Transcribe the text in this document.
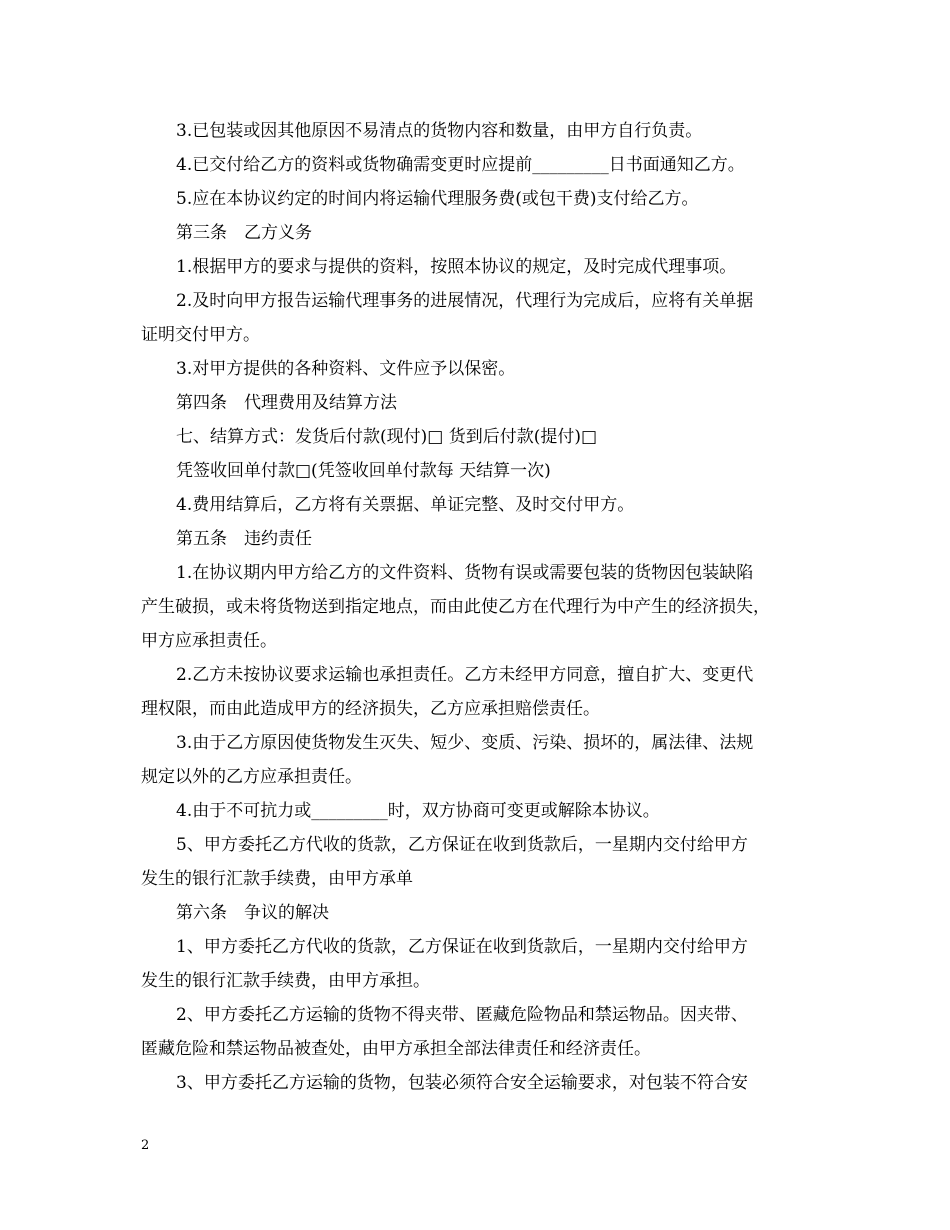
3.已包装或因其他原因不易清点的货物内容和数量，由甲方自行负责。
4.已交付给乙方的资料或货物确需变更时应提前_________日书面通知乙方。
5.应在本协议约定的时间内将运输代理服务费(或包干费)支付给乙方。
第三条　乙方义务
1.根据甲方的要求与提供的资料，按照本协议的规定，及时完成代理事项。
2.及时向甲方报告运输代理事务的进展情况，代理行为完成后，应将有关单据
证明交付甲方。
3.对甲方提供的各种资料、文件应予以保密。
第四条　代理费用及结算方法
七、结算方式：发货后付款(现付)□ 货到后付款(提付)□
凭签收回单付款□(凭签收回单付款每 天结算一次)
4.费用结算后，乙方将有关票据、单证完整、及时交付甲方。
第五条　违约责任
1.在协议期内甲方给乙方的文件资料、货物有误或需要包装的货物因包装缺陷
产生破损，或未将货物送到指定地点，而由此使乙方在代理行为中产生的经济损失，
甲方应承担责任。
2.乙方未按协议要求运输也承担责任。乙方未经甲方同意，擅自扩大、变更代
理权限，而由此造成甲方的经济损失，乙方应承担赔偿责任。
3.由于乙方原因使货物发生灭失、短少、变质、污染、损坏的，属法律、法规
规定以外的乙方应承担责任。
4.由于不可抗力或_________时，双方协商可变更或解除本协议。
5、甲方委托乙方代收的货款，乙方保证在收到货款后，一星期内交付给甲方
发生的银行汇款手续费，由甲方承单
第六条　争议的解决
1、甲方委托乙方代收的货款，乙方保证在收到货款后，一星期内交付给甲方
发生的银行汇款手续费，由甲方承担。
2、甲方委托乙方运输的货物不得夹带、匿藏危险物品和禁运物品。因夹带、
匿藏危险和禁运物品被查处，由甲方承担全部法律责任和经济责任。
3、甲方委托乙方运输的货物，包装必须符合安全运输要求，对包装不符合安
2
